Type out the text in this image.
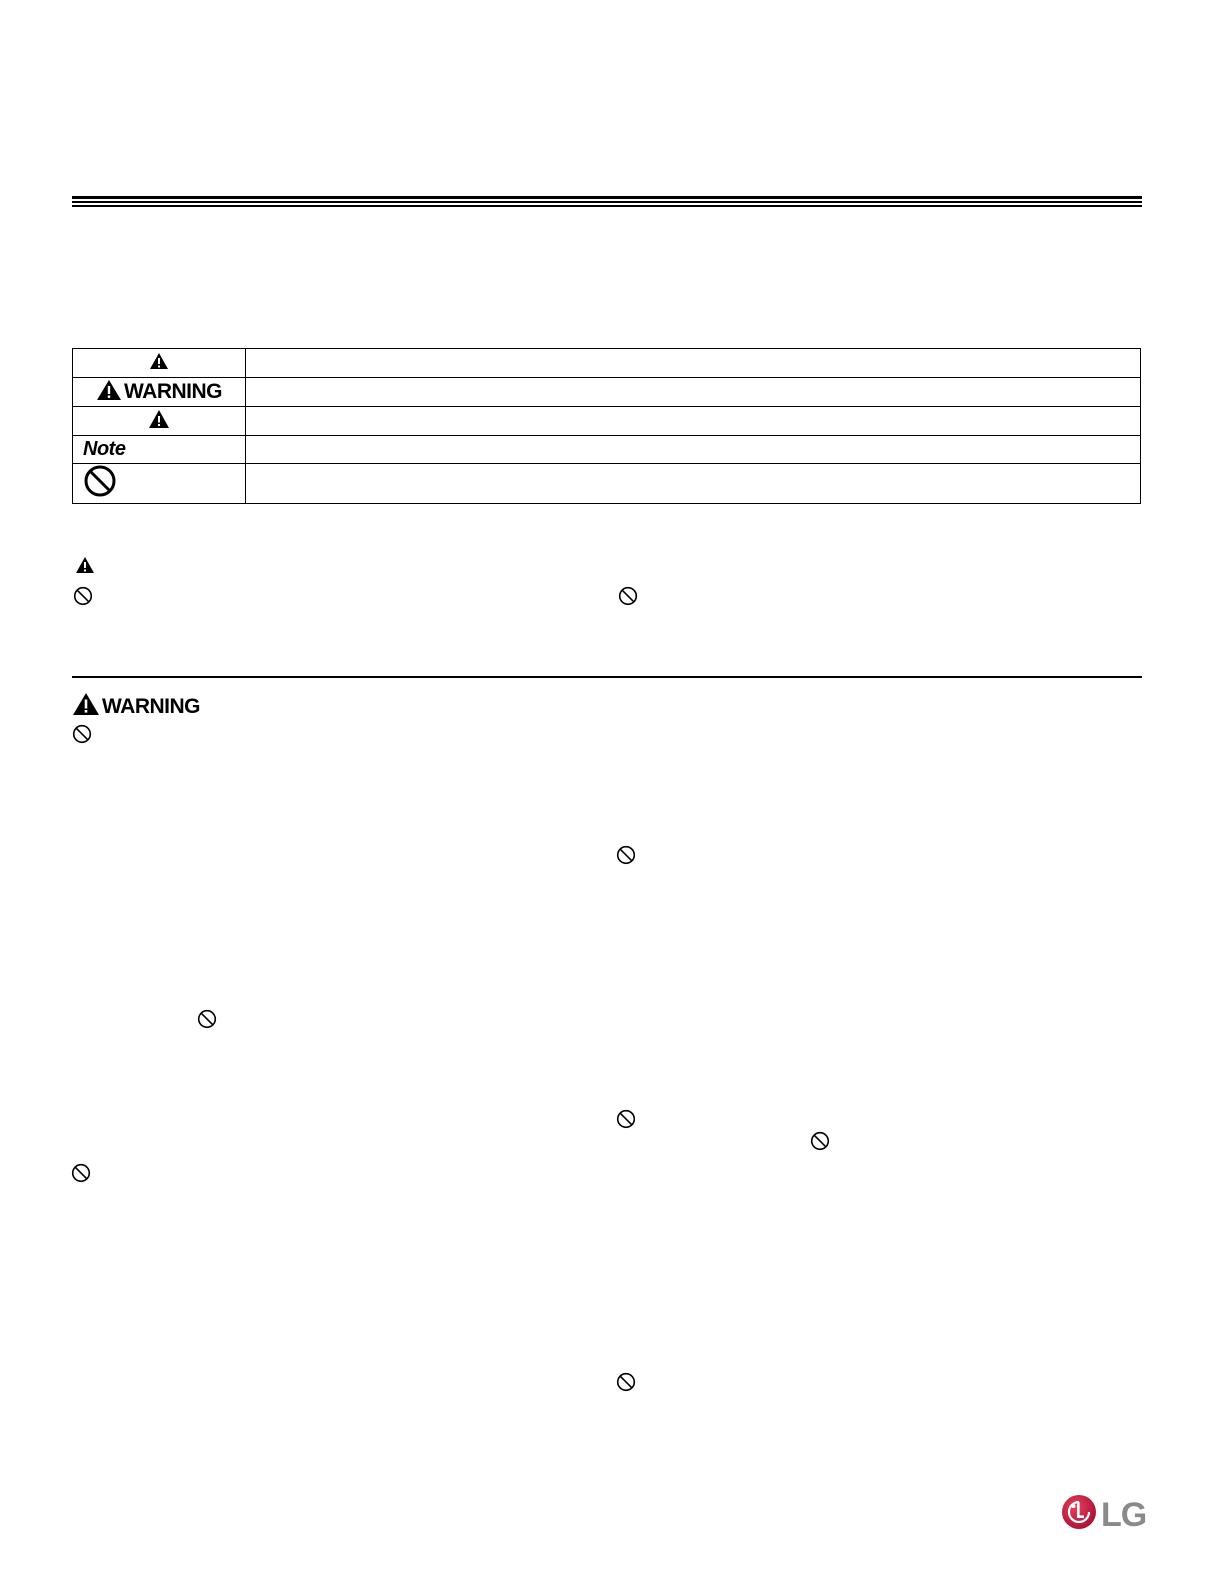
WARNING	

Note	

WARNING
LG
